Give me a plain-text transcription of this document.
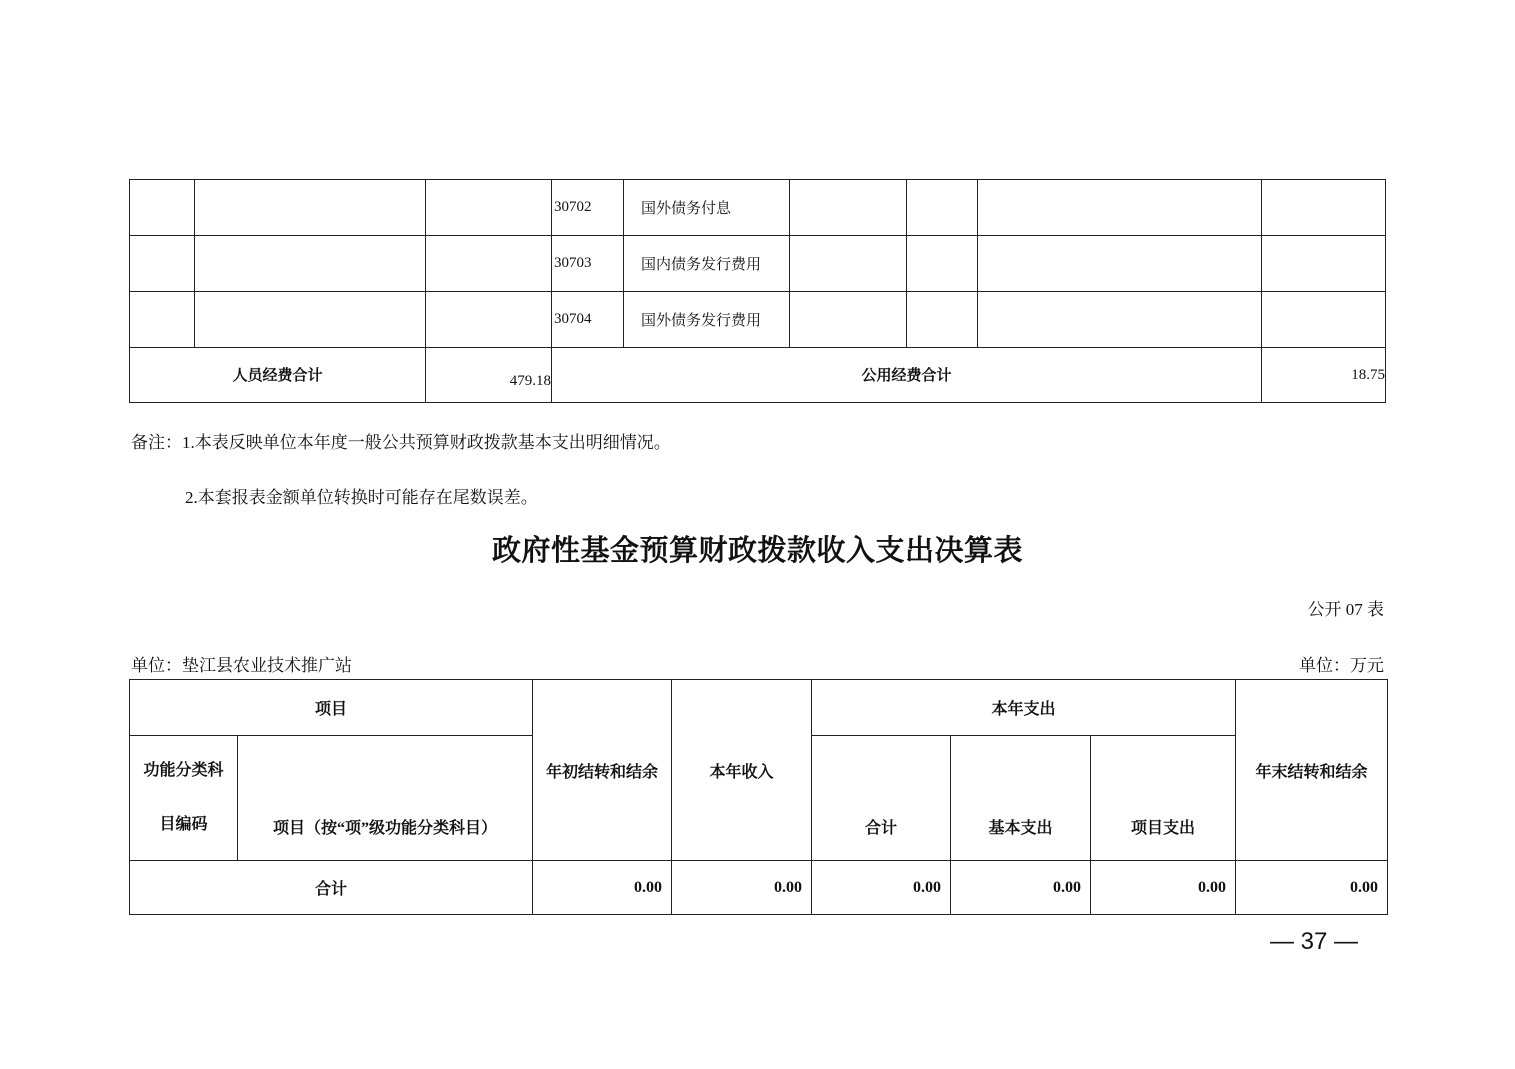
			30702	国外债务付息				
			30703	国内债务发行费用				
			30704	国外债务发行费用				
人员经费合计		479.18	公用经费合计					18.75
备注：1.本表反映单位本年度一般公共预算财政拨款基本支出明细情况。
2.本套报表金额单位转换时可能存在尾数误差。
政府性基金预算财政拨款收入支出决算表
公开 07 表
单位：垫江县农业技术推广站	单位：万元
项目		年初结转和结余	本年收入	本年支出			年末结转和结余
功能分类科目编码	项目（按“项”级功能分类科目）			合计	基本支出	项目支出	
合计		0.00	0.00	0.00	0.00	0.00	0.00
— 37 —
